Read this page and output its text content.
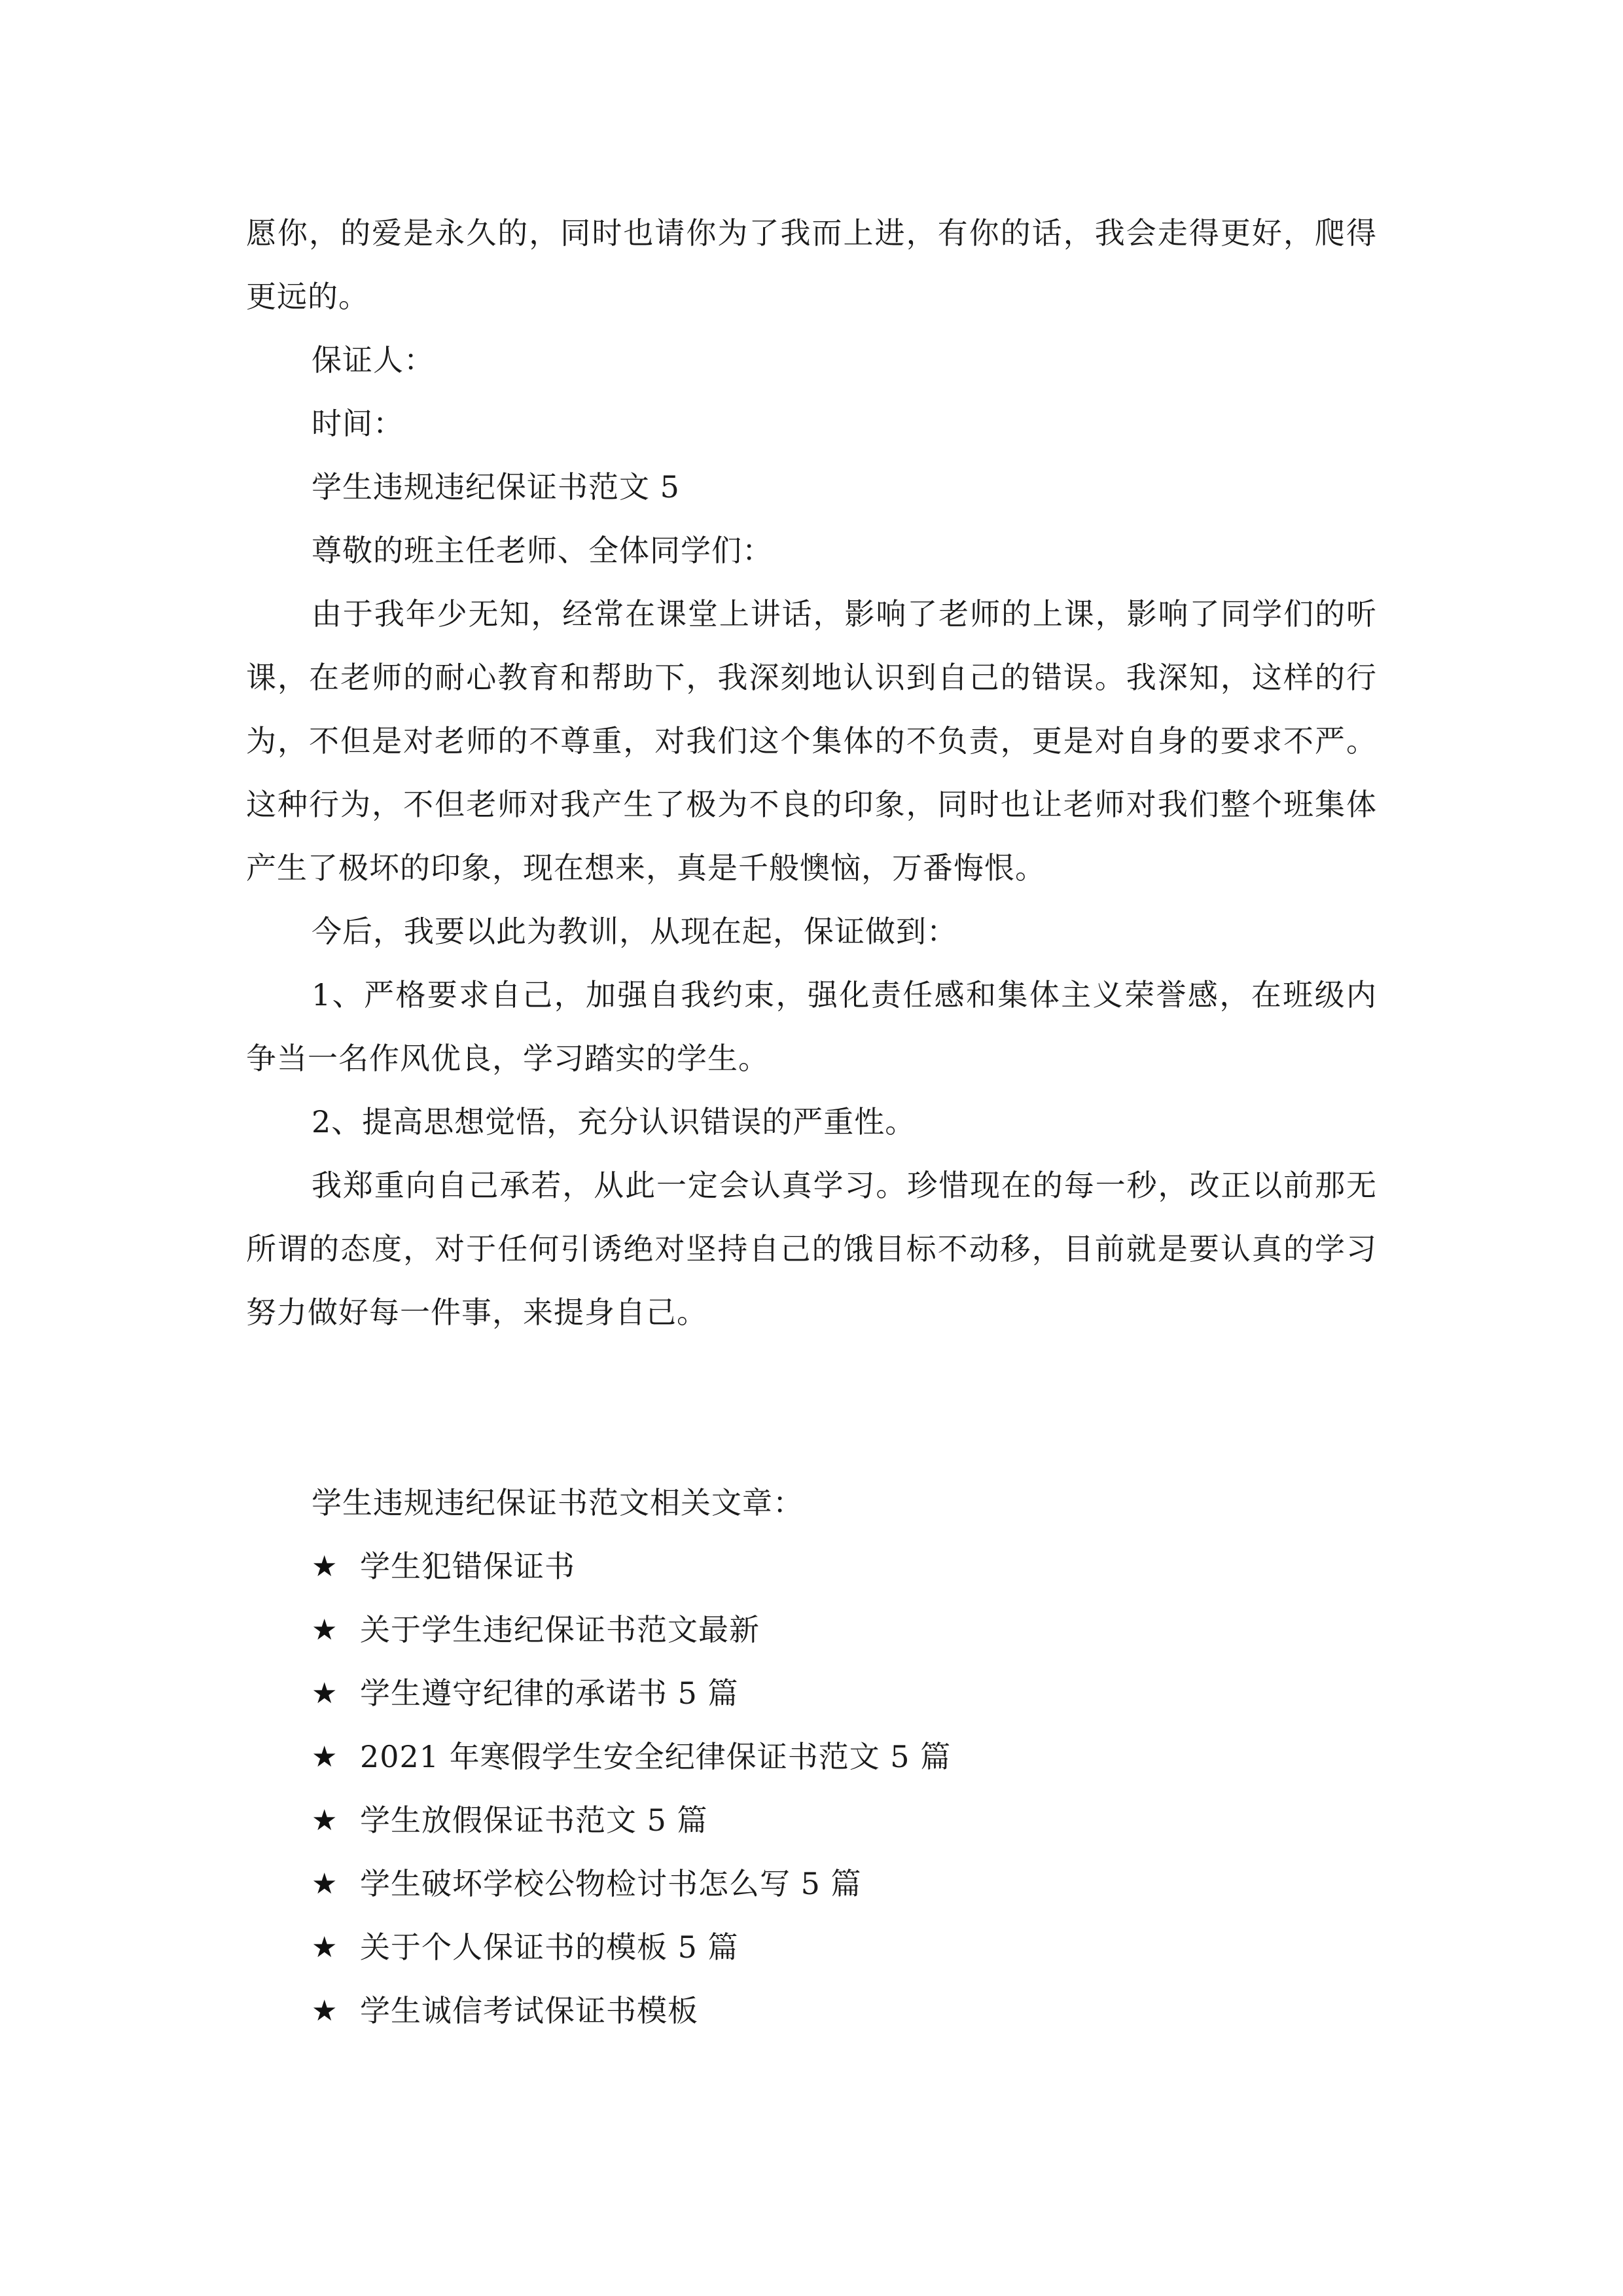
愿你，的爱是永久的，同时也请你为了我而上进，有你的话，我会走得更好，爬得更远的。

保证人：

时间：

学生违规违纪保证书范文 5

尊敬的班主任老师、全体同学们：

由于我年少无知，经常在课堂上讲话，影响了老师的上课，影响了同学们的听课，在老师的耐心教育和帮助下，我深刻地认识到自己的错误。我深知，这样的行为，不但是对老师的不尊重，对我们这个集体的不负责，更是对自身的要求不严。这种行为，不但老师对我产生了极为不良的印象，同时也让老师对我们整个班集体产生了极坏的印象，现在想来，真是千般懊恼，万番悔恨。

今后，我要以此为教训，从现在起，保证做到：

1、严格要求自己，加强自我约束，强化责任感和集体主义荣誉感，在班级内争当一名作风优良，学习踏实的学生。

2、提高思想觉悟，充分认识错误的严重性。

我郑重向自己承若，从此一定会认真学习。珍惜现在的每一秒，改正以前那无所谓的态度，对于任何引诱绝对坚持自己的饿目标不动移，目前就是要认真的学习努力做好每一件事，来提身自己。

学生违规违纪保证书范文相关文章：

★ 学生犯错保证书
★ 关于学生违纪保证书范文最新
★ 学生遵守纪律的承诺书 5 篇
★ 2021 年寒假学生安全纪律保证书范文 5 篇
★ 学生放假保证书范文 5 篇
★ 学生破坏学校公物检讨书怎么写 5 篇
★ 关于个人保证书的模板 5 篇
★ 学生诚信考试保证书模板
